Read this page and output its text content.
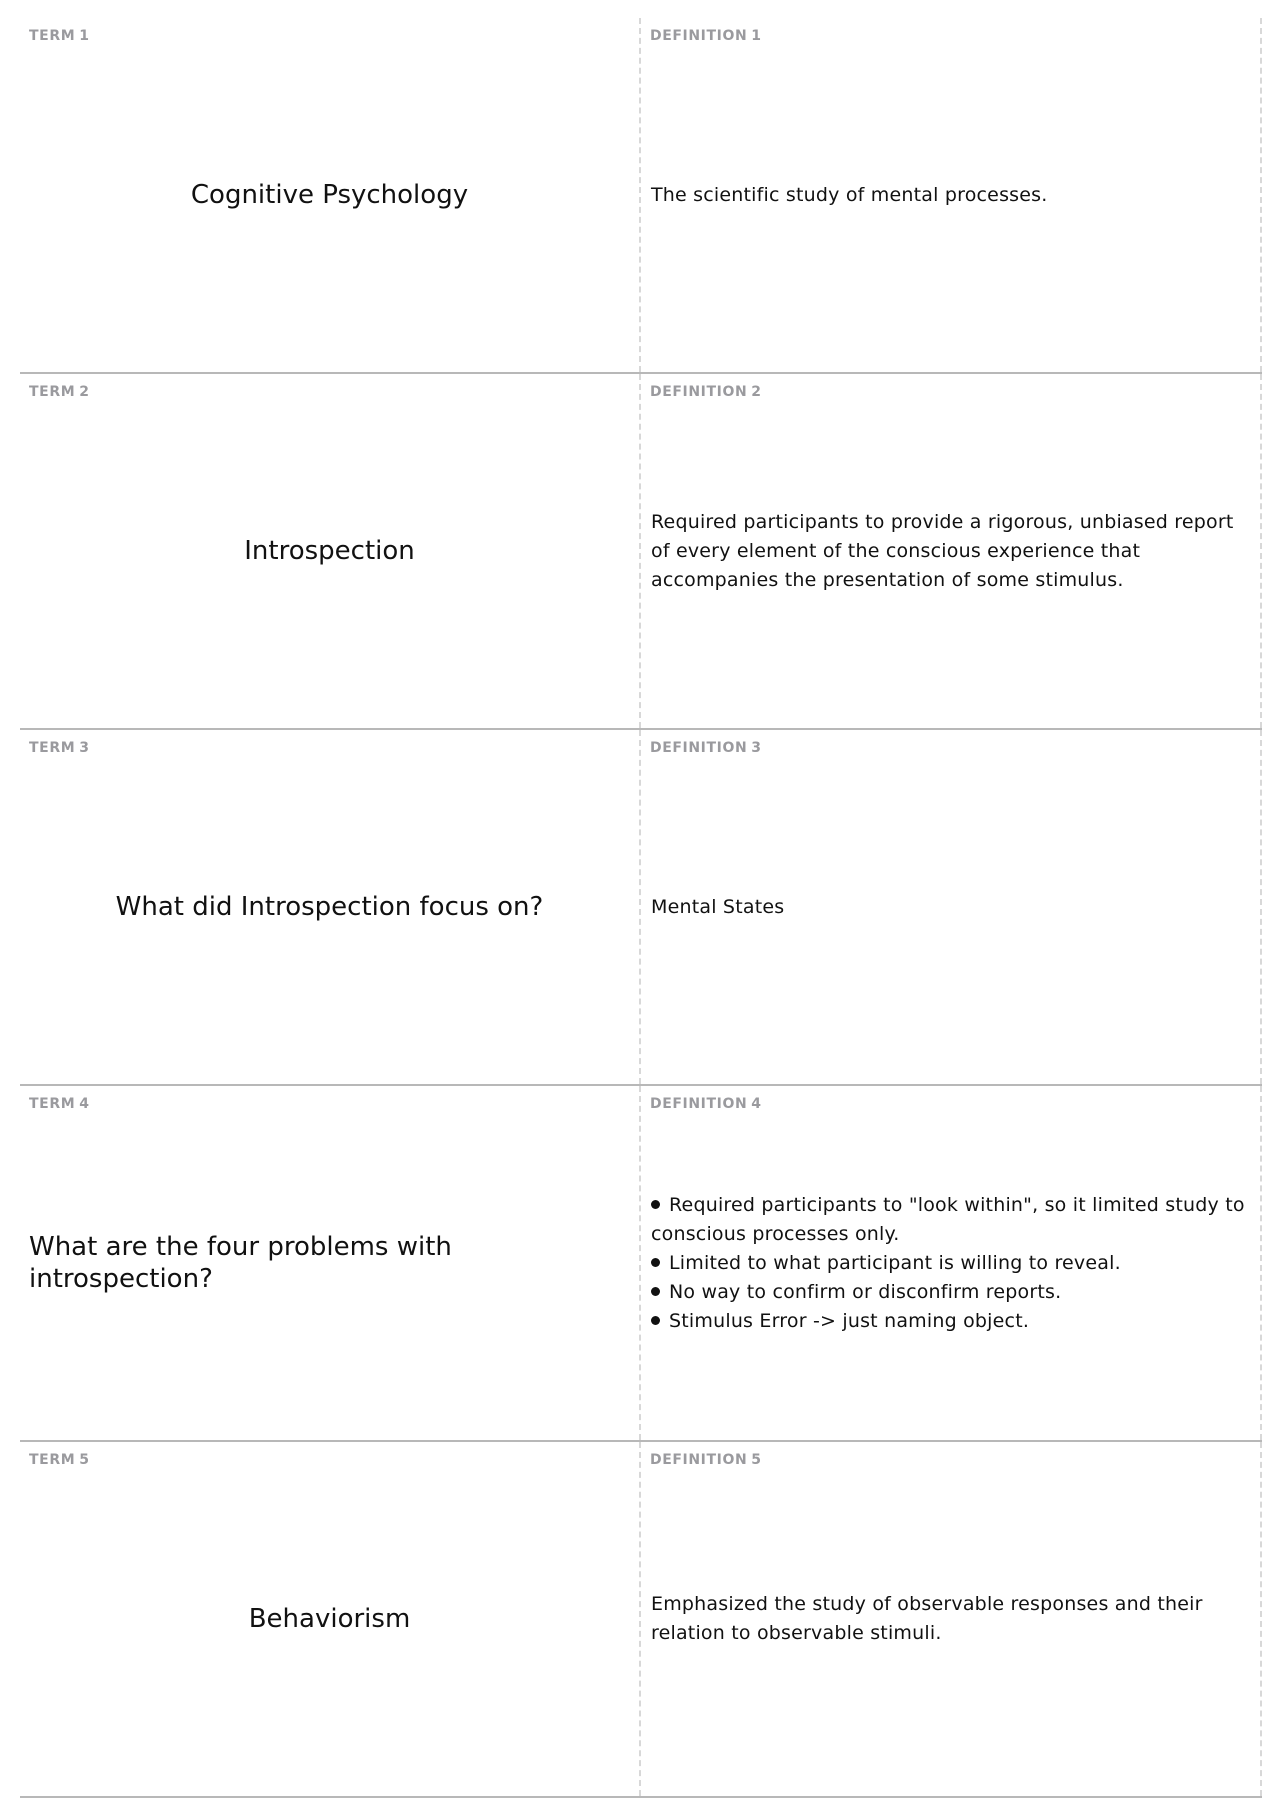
TERM 1
Cognitive Psychology
DEFINITION 1
The scientific study of mental processes.
TERM 2
Introspection
DEFINITION 2
Required participants to provide a rigorous, unbiased report of every element of the conscious experience that accompanies the presentation of some stimulus.
TERM 3
What did Introspection focus on?
DEFINITION 3
Mental States
TERM 4
What are the four problems with introspection?
DEFINITION 4
Required participants to "look within", so it limited study to conscious processes only.
Limited to what participant is willing to reveal.
No way to confirm or disconfirm reports.
Stimulus Error -> just naming object.
TERM 5
Behaviorism
DEFINITION 5
Emphasized the study of observable responses and their relation to observable stimuli.
